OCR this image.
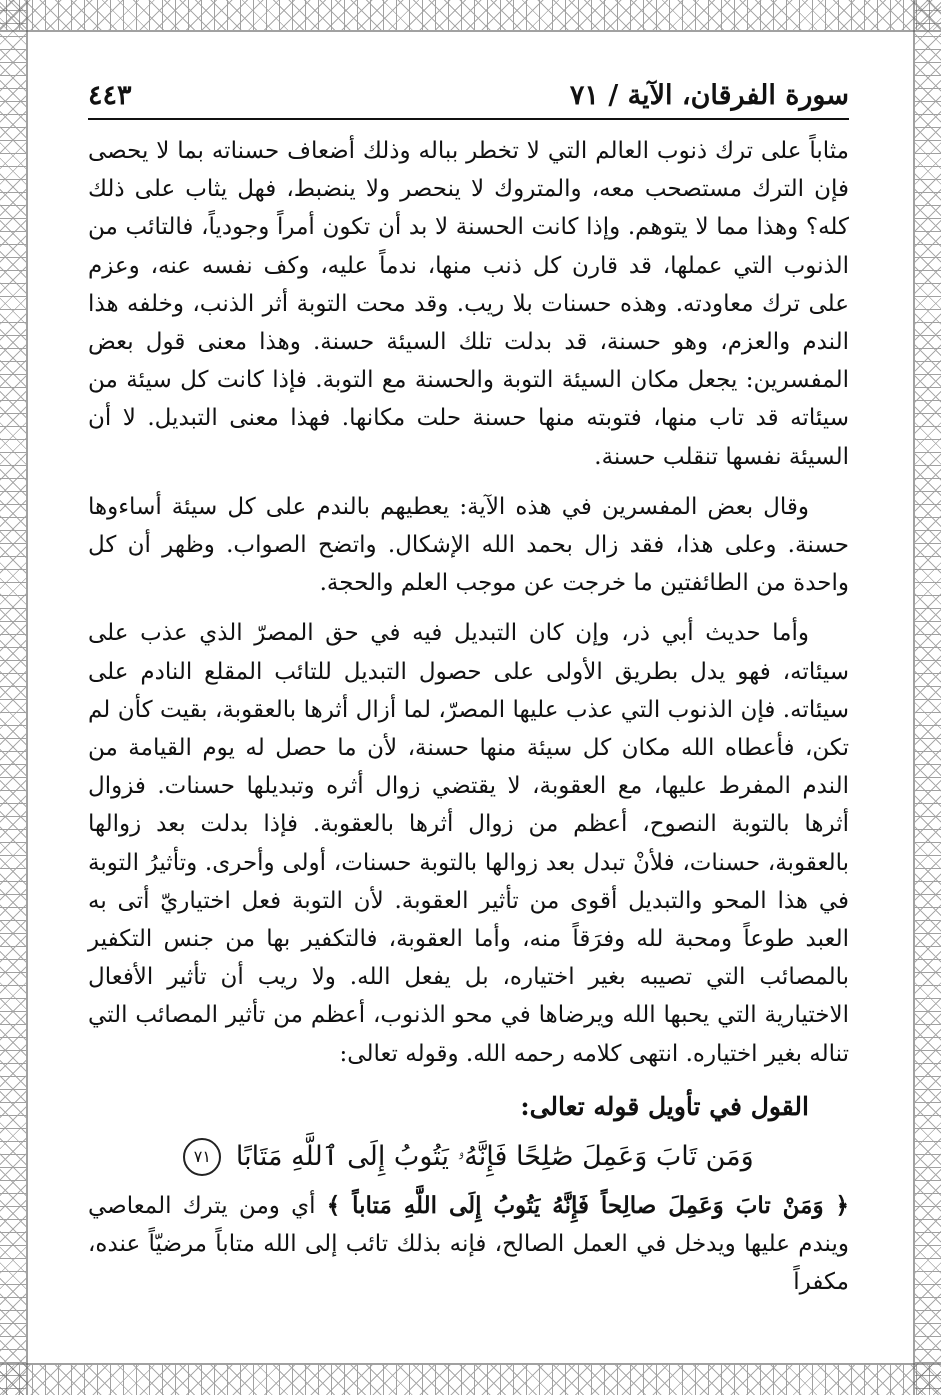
سورة الفرقان، الآية / ٧١
٤٤٣

مثاباً على ترك ذنوب العالم التي لا تخطر بباله وذلك أضعاف حسناته بما لا يحصى فإن الترك مستصحب معه، والمتروك لا ينحصر ولا ينضبط، فهل يثاب على ذلك كله؟ وهذا مما لا يتوهم. وإذا كانت الحسنة لا بد أن تكون أمراً وجودياً، فالتائب من الذنوب التي عملها، قد قارن كل ذنب منها، ندماً عليه، وكف نفسه عنه، وعزم على ترك معاودته. وهذه حسنات بلا ريب. وقد محت التوبة أثر الذنب، وخلفه هذا الندم والعزم، وهو حسنة، قد بدلت تلك السيئة حسنة. وهذا معنى قول بعض المفسرين: يجعل مكان السيئة التوبة والحسنة مع التوبة. فإذا كانت كل سيئة من سيئاته قد تاب منها، فتوبته منها حسنة حلت مكانها. فهذا معنى التبديل. لا أن السيئة نفسها تنقلب حسنة.

وقال بعض المفسرين في هذه الآية: يعطيهم بالندم على كل سيئة أساءوها حسنة. وعلى هذا، فقد زال بحمد الله الإشكال. واتضح الصواب. وظهر أن كل واحدة من الطائفتين ما خرجت عن موجب العلم والحجة.

وأما حديث أبي ذر، وإن كان التبديل فيه في حق المصرّ الذي عذب على سيئاته، فهو يدل بطريق الأولى على حصول التبديل للتائب المقلع النادم على سيئاته. فإن الذنوب التي عذب عليها المصرّ، لما أزال أثرها بالعقوبة، بقيت كأن لم تكن، فأعطاه الله مكان كل سيئة منها حسنة، لأن ما حصل له يوم القيامة من الندم المفرط عليها، مع العقوبة، لا يقتضي زوال أثره وتبديلها حسنات. فزوال أثرها بالتوبة النصوح، أعظم من زوال أثرها بالعقوبة. فإذا بدلت بعد زوالها بالعقوبة، حسنات، فلأنْ تبدل بعد زوالها بالتوبة حسنات، أولى وأحرى. وتأثيرُ التوبة في هذا المحو والتبديل أقوى من تأثير العقوبة. لأن التوبة فعل اختياريّ أتى به العبد طوعاً ومحبة لله وفرَقاً منه، وأما العقوبة، فالتكفير بها من جنس التكفير بالمصائب التي تصيبه بغير اختياره، بل يفعل الله. ولا ريب أن تأثير الأفعال الاختيارية التي يحبها الله ويرضاها في محو الذنوب، أعظم من تأثير المصائب التي تناله بغير اختياره. انتهى كلامه رحمه الله. وقوله تعالى:

القول في تأويل قوله تعالى:
وَمَن تَابَ وَعَمِلَ صَٰلِحًا فَإِنَّهُۥ يَتُوبُ إِلَى ٱللَّهِ مَتَابًا ٧١

﴿ وَمَنْ تابَ وَعَمِلَ صالِحاً فَإِنَّهُ يَتُوبُ إِلَى اللَّهِ مَتاباً ﴾ أي ومن يترك المعاصي ويندم عليها ويدخل في العمل الصالح، فإنه بذلك تائب إلى الله متاباً مرضيّاً عنده، مكفراً
